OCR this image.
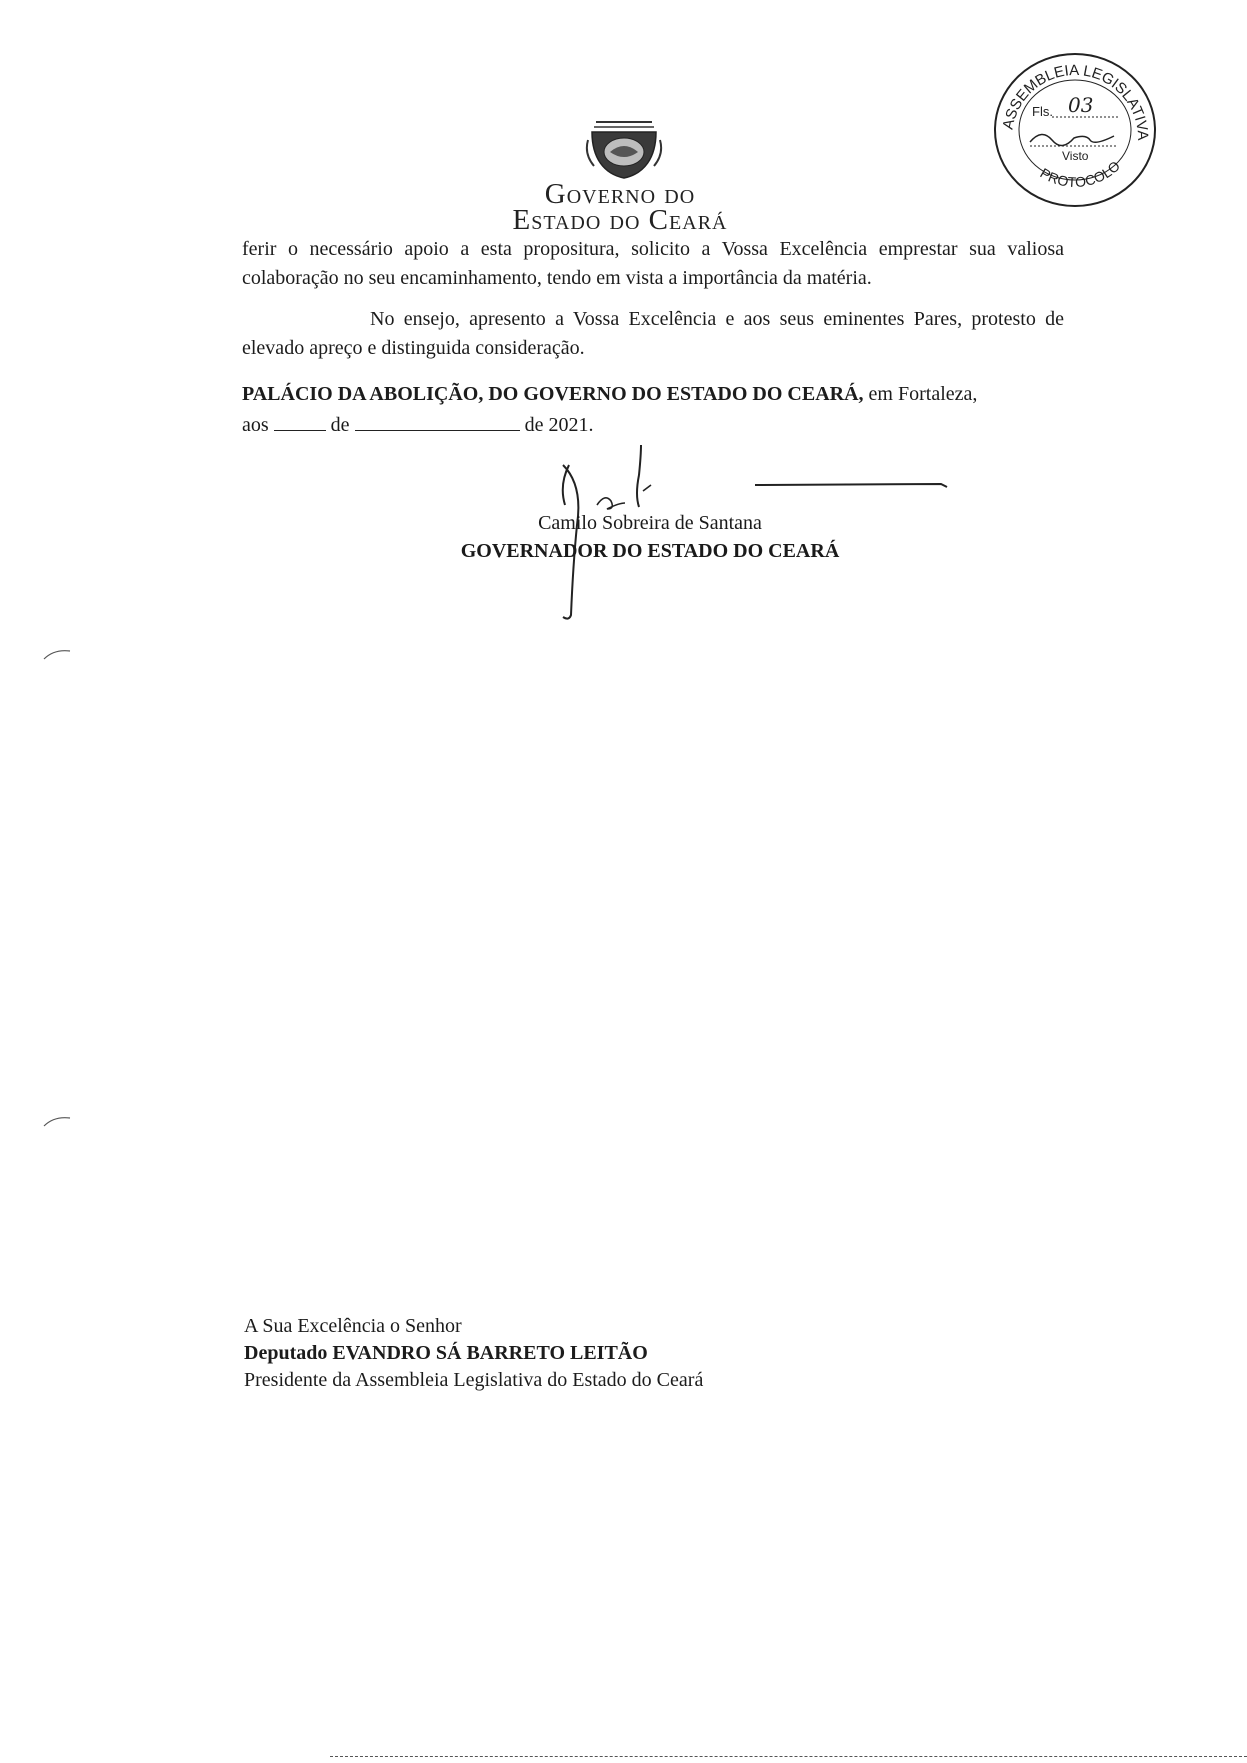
Governo do
Estado do Ceará
ASSEMBLEIA LEGISLATIVA
PROTOCOLO
Fls. 03
Visto
ferir o necessário apoio a esta propositura, solicito a Vossa Excelência emprestar sua valiosa colaboração no seu encaminhamento, tendo em vista a importância da matéria.
No ensejo, apresento a Vossa Excelência e aos seus eminentes Pares, protesto de elevado apreço e distinguida consideração.
PALÁCIO DA ABOLIÇÃO, DO GOVERNO DO ESTADO DO CEARÁ, em Fortaleza,
aos	de	de 2021.
Camilo Sobreira de Santana
GOVERNADOR DO ESTADO DO CEARÁ
A Sua Excelência o Senhor
Deputado EVANDRO SÁ BARRETO LEITÃO
Presidente da Assembleia Legislativa do Estado do Ceará
